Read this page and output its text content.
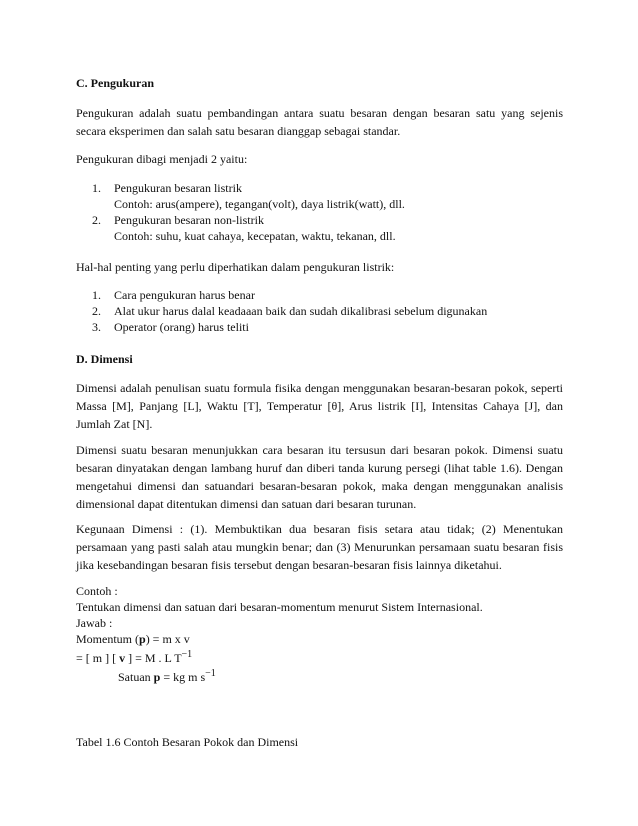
C. Pengukuran

Pengukuran adalah suatu pembandingan antara suatu besaran dengan besaran satu yang sejenis secara eksperimen dan salah satu besaran dianggap sebagai standar.

Pengukuran dibagi menjadi 2 yaitu:

1. Pengukuran besaran listrik
Contoh: arus(ampere), tegangan(volt), daya listrik(watt), dll.
2. Pengukuran besaran non-listrik
Contoh: suhu, kuat cahaya, kecepatan, waktu, tekanan, dll.

Hal-hal penting yang perlu diperhatikan dalam pengukuran listrik:

1. Cara pengukuran harus benar
2. Alat ukur harus dalal keadaaan baik dan sudah dikalibrasi sebelum digunakan
3. Operator (orang) harus teliti

D. Dimensi

Dimensi adalah penulisan suatu formula fisika dengan menggunakan besaran-besaran pokok, seperti Massa [M], Panjang [L], Waktu [T], Temperatur [θ], Arus listrik [I], Intensitas Cahaya [J], dan Jumlah Zat [N].

Dimensi suatu besaran menunjukkan cara besaran itu tersusun dari besaran pokok. Dimensi suatu besaran dinyatakan dengan lambang huruf dan diberi tanda kurung persegi (lihat table 1.6). Dengan mengetahui dimensi dan satuandari besaran-besaran pokok, maka dengan menggunakan analisis dimensional dapat ditentukan dimensi dan satuan dari besaran turunan.

Kegunaan Dimensi : (1). Membuktikan dua besaran fisis setara atau tidak; (2) Menentukan persamaan yang pasti salah atau mungkin benar; dan (3) Menurunkan persamaan suatu besaran fisis jika kesebandingan besaran fisis tersebut dengan besaran-besaran fisis lainnya diketahui.

Contoh :
Tentukan dimensi dan satuan dari besaran-momentum menurut Sistem Internasional.
Jawab :
Momentum (p) = m x v
= [ m ] [ v ] = M . L $T^{-1}$
Satuan p = kg m $s^{-1}$

Tabel 1.6 Contoh Besaran Pokok dan Dimensi
